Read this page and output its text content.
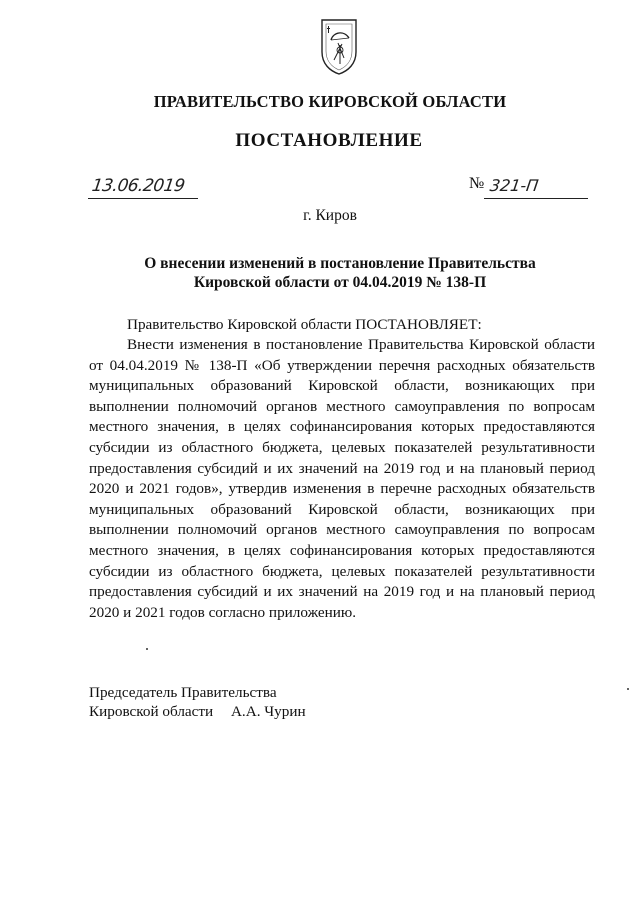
ПРАВИТЕЛЬСТВО КИРОВСКОЙ ОБЛАСТИ
ПОСТАНОВЛЕНИЕ
13.06.2019	№ 321-П
г. Киров
О внесении изменений в постановление Правительства
Кировской области от 04.04.2019 № 138-П

Правительство Кировской области ПОСТАНОВЛЯЕТ:

Внести изменения в постановление Правительства Кировской области от 04.04.2019 № 138-П «Об утверждении перечня расходных обязательств муниципальных образований Кировской области, возникающих при выполнении полномочий органов местного самоуправления по вопросам местного значения, в целях софинансирования которых предоставляются субсидии из областного бюджета, целевых показателей результативности предоставления субсидий и их значений на 2019 год и на плановый период 2020 и 2021 годов», утвердив изменения в перечне расходных обязательств муниципальных образований Кировской области, возникающих при выполнении полномочий органов местного самоуправления по вопросам местного значения, в целях софинансирования которых предоставляются субсидии из областного бюджета, целевых показателей результативности предоставления субсидий и их значений на 2019 год и на плановый период 2020 и 2021 годов согласно приложению.

Председатель Правительства
Кировской области А.А. Чурин
